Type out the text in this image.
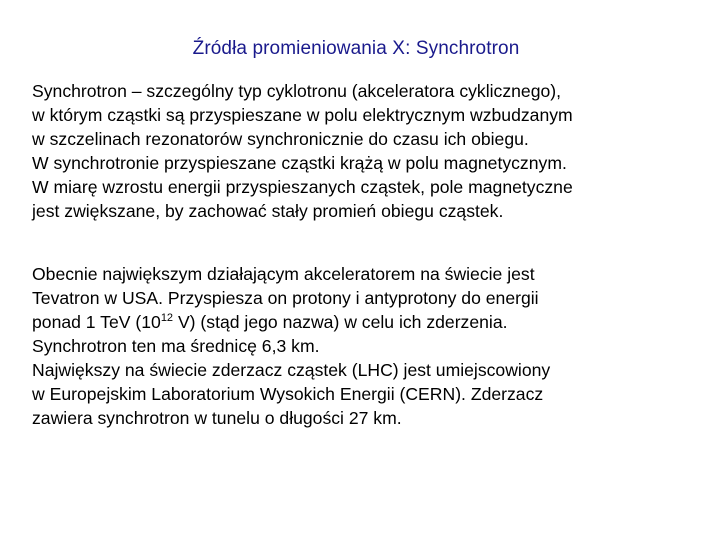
Źródła promieniowania X: Synchrotron
Synchrotron – szczególny typ cyklotronu (akceleratora cyklicznego),
w którym cząstki są przyspieszane w polu elektrycznym wzbudzanym
w szczelinach rezonatorów synchronicznie do czasu ich obiegu.
W synchrotronie przyspieszane cząstki krążą w polu magnetycznym.
W miarę wzrostu energii przyspieszanych cząstek, pole magnetyczne
jest zwiększane, by zachować stały promień obiegu cząstek.
Obecnie największym działającym akceleratorem na świecie jest
Tevatron w USA. Przyspiesza on protony i antyprotony do energii
ponad 1 TeV ($10^{12}$ V) (stąd jego nazwa) w celu ich zderzenia.
Synchrotron ten ma średnicę 6,3 km.
Największy na świecie zderzacz cząstek (LHC) jest umiejscowiony
w Europejskim Laboratorium Wysokich Energii (CERN). Zderzacz
zawiera synchrotron w tunelu o długości 27 km.
